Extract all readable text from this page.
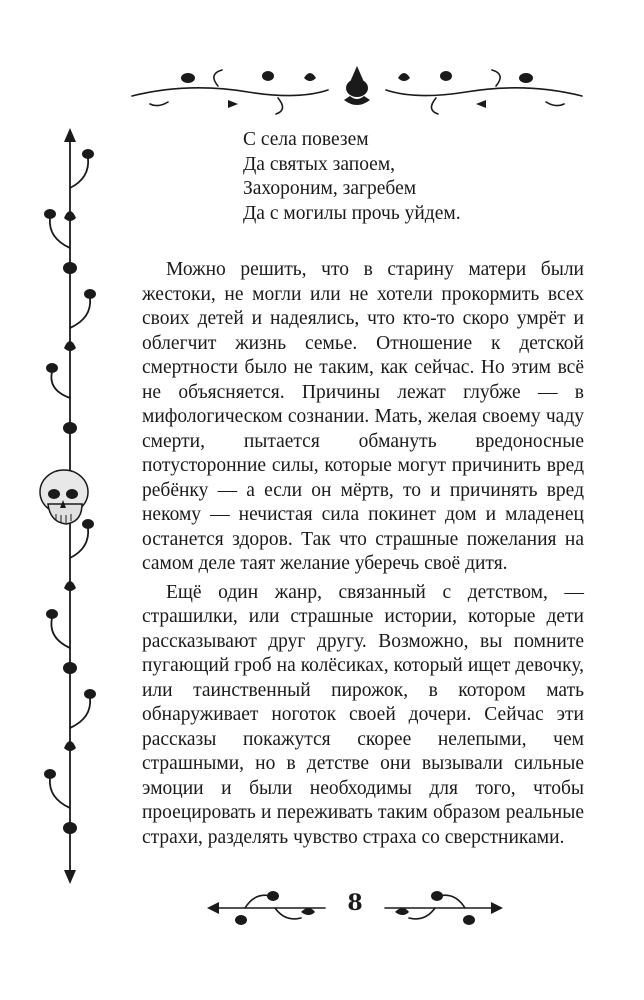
С села повезем
Да святых запоем,
Захороним, загребем
Да с могилы прочь уйдем.

Можно решить, что в старину матери были жестоки, не могли или не хотели прокормить всех своих детей и надеялись, что кто-то скоро умрёт и облегчит жизнь семье. Отношение к детской смертности было не таким, как сейчас. Но этим всё не объясняется. Причины лежат глубже — в мифологическом сознании. Мать, желая своему чаду смерти, пытается обмануть вредоносные потусторонние силы, которые могут причинить вред ребёнку — а если он мёртв, то и причинять вред некому — нечистая сила покинет дом и младенец останется здоров. Так что страшные пожелания на самом деле таят желание уберечь своё дитя.

Ещё один жанр, связанный с детством, — страшилки, или страшные истории, которые дети рассказывают друг другу. Возможно, вы помните пугающий гроб на колёсиках, который ищет девочку, или таинственный пирожок, в котором мать обнаруживает ноготок своей дочери. Сейчас эти рассказы покажутся скорее нелепыми, чем страшными, но в детстве они вызывали сильные эмоции и были необходимы для того, чтобы проецировать и переживать таким образом реальные страхи, разделять чувство страха со сверстниками.

8
